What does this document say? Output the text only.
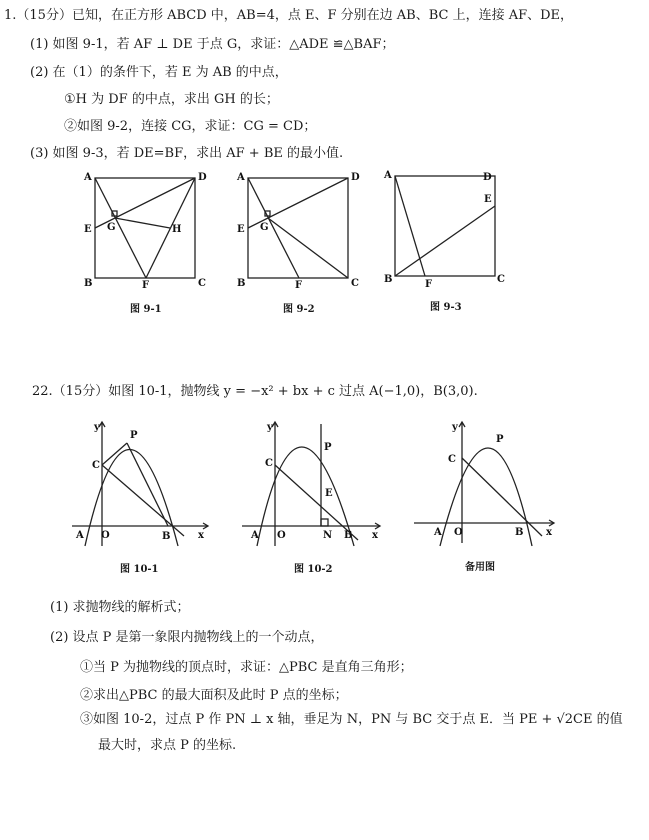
1.（15分）已知，在正方形 ABCD 中，AB=4，点 E、F 分别在边 AB、BC 上，连接 AF、DE，
(1) 如图 9-1，若 AF ⊥ DE 于点 G，求证：△ADE ≌△BAF；
(2) 在（1）的条件下，若 E 为 AB 的中点，
①H 为 DF 的中点，求出 GH 的长；
②如图 9-2，连接 CG，求证：CG = CD；
(3) 如图 9-3，若 DE=BF，求出 AF + BE 的最小值.
A	D
E G	H
B	F	C
图 9-1
A	D
E G
B	F	C
图 9-2
A	D
E
B	F	C
图 9-3
22.（15分）如图 10-1，抛物线 y = −x² + bx + c 过点 A(−1,0)，B(3,0).
y
P
C
A O	B	x
图 10-1
y
P
C
E
A O	N B x
图 10-2
y
P
C
A O	B x
备用图
(1) 求抛物线的解析式；
(2) 设点 P 是第一象限内抛物线上的一个动点，
①当 P 为抛物线的顶点时，求证：△PBC 是直角三角形；
②求出△PBC 的最大面积及此时 P 点的坐标；
③如图 10-2，过点 P 作 PN ⊥ x 轴，垂足为 N，PN 与 BC 交于点 E．当 PE + √2CE 的值
最大时，求点 P 的坐标.
